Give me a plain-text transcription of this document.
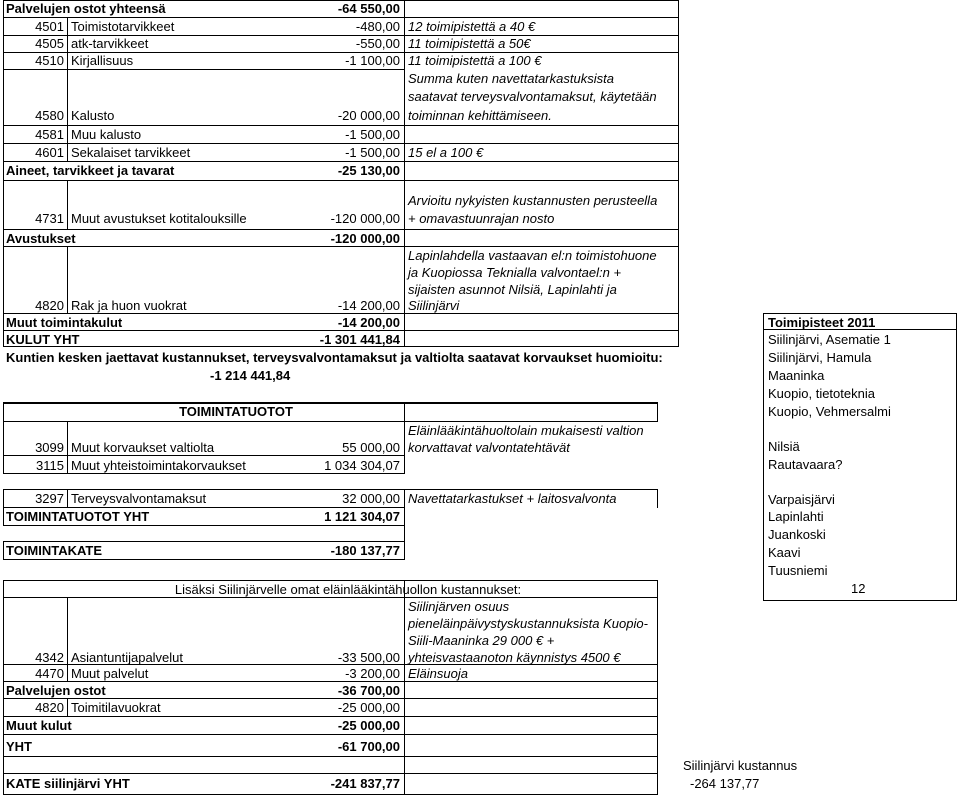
Palvelujen ostot yhteensä	-64 550,00
4501 Toimistotarvikkeet	-480,00 12 toimipistettä a 40 €
4505 atk-tarvikkeet	-550,00 11 toimipistettä a 50€
4510 Kirjallisuus	-1 100,00 11 toimipistettä a 100 €
Summa kuten navettatarkastuksista
saatavat terveysvalvontamaksut, käytetään
4580 Kalusto	-20 000,00 toiminnan kehittämiseen.
4581 Muu kalusto	-1 500,00
4601 Sekalaiset tarvikkeet	-1 500,00 15 el a 100 €
Aineet, tarvikkeet ja tavarat	-25 130,00
Arvioitu nykyisten kustannusten perusteella
4731 Muut avustukset kotitalouksille	-120 000,00 + omavastuunrajan nosto
Avustukset	-120 000,00
Lapinlahdella vastaavan el:n toimistohuone
ja Kuopiossa Teknialla valvontael:n +
sijaisten asunnot Nilsiä, Lapinlahti ja
4820 Rak ja huon vuokrat	-14 200,00 Siilinjärvi
Muut toimintakulut	-14 200,00
KULUT YHT	-1 301 441,84
Kuntien kesken jaettavat kustannukset, terveysvalvontamaksut ja valtiolta saatavat korvaukset huomioitu:
-1 214 441,84
TOIMINTATUOTOT
Eläinlääkintähuoltolain mukaisesti valtion
3099 Muut korvaukset valtiolta	55 000,00 korvattavat valvontatehtävät
3115 Muut yhteistoimintakorvaukset	1 034 304,07
3297 Terveysvalvontamaksut	32 000,00 Navettatarkastukset + laitosvalvonta
TOIMINTATUOTOT YHT	1 121 304,07
TOIMINTAKATE	-180 137,77
Lisäksi Siilinjärvelle omat eläinlääkintähuollon kustannukset:
Siilinjärven osuus
pieneläinpäivystyskustannuksista Kuopio-
Siili-Maaninka 29 000 € +
4342 Asiantuntijapalvelut	-33 500,00 yhteisvastaanoton käynnistys 4500 €
4470 Muut palvelut	-3 200,00 Eläinsuoja
Palvelujen ostot	-36 700,00
4820 Toimitilavuokrat	-25 000,00
Muut kulut	-25 000,00
YHT	-61 700,00
KATE siilinjärvi YHT	-241 837,77
Siilinjärvi kustannus
-264 137,77
Toimipisteet 2011
Siilinjärvi, Asematie 1
Siilinjärvi, Hamula
Maaninka
Kuopio, tietoteknia
Kuopio, Vehmersalmi
Nilsiä
Rautavaara?
Varpaisjärvi
Lapinlahti
Juankoski
Kaavi
Tuusniemi
12
